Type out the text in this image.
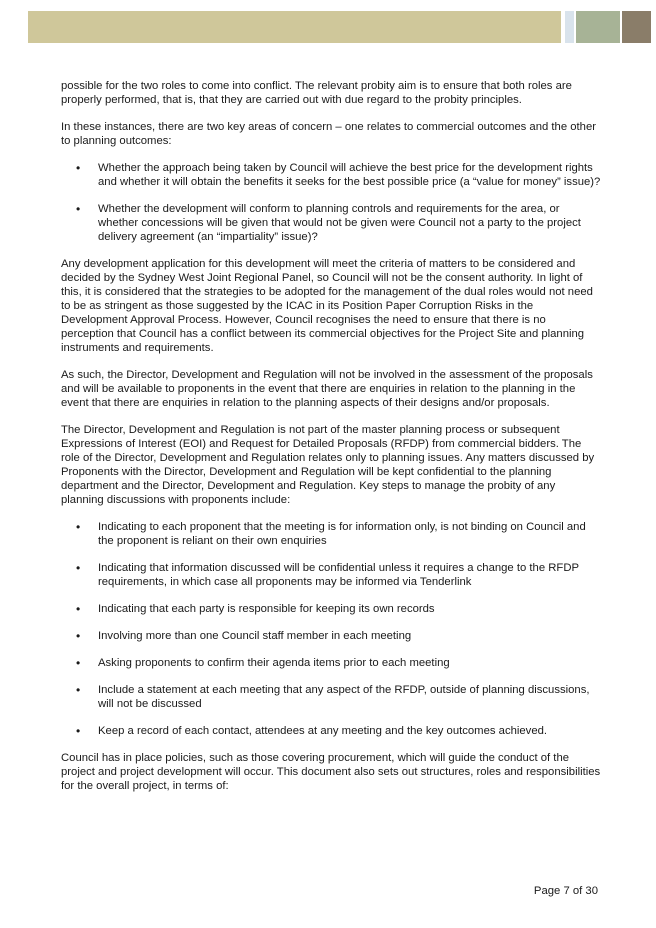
possible for the two roles to come into conflict. The relevant probity aim is to ensure that both roles are properly performed, that is, that they are carried out with due regard to the probity principles.

In these instances, there are two key areas of concern – one relates to commercial outcomes and the other to planning outcomes:

• Whether the approach being taken by Council will achieve the best price for the development rights and whether it will obtain the benefits it seeks for the best possible price (a “value for money” issue)?
• Whether the development will conform to planning controls and requirements for the area, or whether concessions will be given that would not be given were Council not a party to the project delivery agreement (an “impartiality” issue)?

Any development application for this development will meet the criteria of matters to be considered and decided by the Sydney West Joint Regional Panel, so Council will not be the consent authority. In light of this, it is considered that the strategies to be adopted for the management of the dual roles would not need to be as stringent as those suggested by the ICAC in its Position Paper Corruption Risks in the Development Approval Process. However, Council recognises the need to ensure that there is no perception that Council has a conflict between its commercial objectives for the Project Site and planning instruments and requirements.

As such, the Director, Development and Regulation will not be involved in the assessment of the proposals and will be available to proponents in the event that there are enquiries in relation to the planning in the event that there are enquiries in relation to the planning aspects of their designs and/or proposals.

The Director, Development and Regulation is not part of the master planning process or subsequent Expressions of Interest (EOI) and Request for Detailed Proposals (RFDP) from commercial bidders. The role of the Director, Development and Regulation relates only to planning issues. Any matters discussed by Proponents with the Director, Development and Regulation will be kept confidential to the planning department and the Director, Development and Regulation. Key steps to manage the probity of any planning discussions with proponents include:

• Indicating to each proponent that the meeting is for information only, is not binding on Council and the proponent is reliant on their own enquiries
• Indicating that information discussed will be confidential unless it requires a change to the RFDP requirements, in which case all proponents may be informed via Tenderlink
• Indicating that each party is responsible for keeping its own records
• Involving more than one Council staff member in each meeting
• Asking proponents to confirm their agenda items prior to each meeting
• Include a statement at each meeting that any aspect of the RFDP, outside of planning discussions, will not be discussed
• Keep a record of each contact, attendees at any meeting and the key outcomes achieved.

Council has in place policies, such as those covering procurement, which will guide the conduct of the project and project development will occur. This document also sets out structures, roles and responsibilities for the overall project, in terms of:

Page 7 of 30
